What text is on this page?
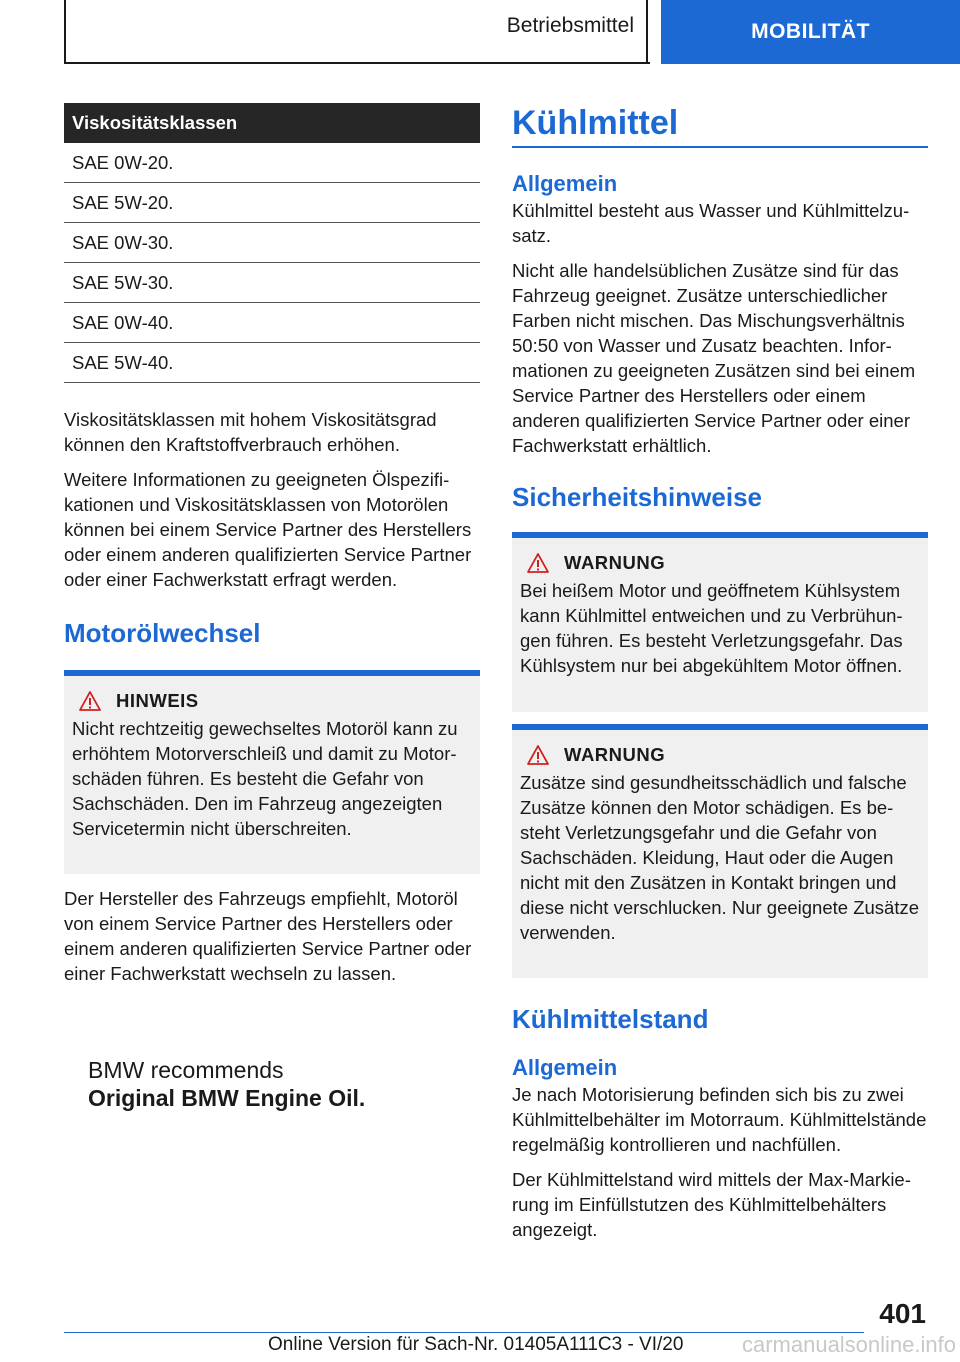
Betriebsmittel	MOBILITÄT
Viskositätsklassen
SAE 0W-20.
SAE 5W-20.
SAE 0W-30.
SAE 5W-30.
SAE 0W-40.
SAE 5W-40.

Viskositätsklassen mit hohem Viskositätsgrad können den Kraftstoffverbrauch erhöhen.

Weitere Informationen zu geeigneten Ölspezifikationen und Viskositätsklassen von Motorölen können bei einem Service Partner des Herstellers oder einem anderen qualifizierten Service Partner oder einer Fachwerkstatt erfragt werden.

Motorölwechsel
HINWEIS

Nicht rechtzeitig gewechseltes Motoröl kann zu erhöhtem Motorverschleiß und damit zu Motorschäden führen. Es besteht die Gefahr von Sachschäden. Den im Fahrzeug angezeigten Servicetermin nicht überschreiten.

Der Hersteller des Fahrzeugs empfiehlt, Motoröl von einem Service Partner des Herstellers oder einem anderen qualifizierten Service Partner oder einer Fachwerkstatt wechseln zu lassen.

BMW recommends
Original BMW Engine Oil.
Kühlmittel
Allgemein

Kühlmittel besteht aus Wasser und Kühlmittelzusatz.

Nicht alle handelsüblichen Zusätze sind für das Fahrzeug geeignet. Zusätze unterschiedlicher Farben nicht mischen. Das Mischungsverhältnis 50:50 von Wasser und Zusatz beachten. Informationen zu geeigneten Zusätzen sind bei einem Service Partner des Herstellers oder einem anderen qualifizierten Service Partner oder einer Fachwerkstatt erhältlich.

Sicherheitshinweise
WARNUNG

Bei heißem Motor und geöffnetem Kühlsystem kann Kühlmittel entweichen und zu Verbrühungen führen. Es besteht Verletzungsgefahr. Das Kühlsystem nur bei abgekühltem Motor öffnen.

WARNUNG

Zusätze sind gesundheitsschädlich und falsche Zusätze können den Motor schädigen. Es besteht Verletzungsgefahr und die Gefahr von Sachschäden. Kleidung, Haut oder die Augen nicht mit den Zusätzen in Kontakt bringen und diese nicht verschlucken. Nur geeignete Zusätze verwenden.

Kühlmittelstand
Allgemein

Je nach Motorisierung befinden sich bis zu zwei Kühlmittelbehälter im Motorraum. Kühlmittelstände regelmäßig kontrollieren und nachfüllen.

Der Kühlmittelstand wird mittels der Max-Markierung im Einfüllstutzen des Kühlmittelbehälters angezeigt.

401
Online Version für Sach-Nr. 01405A111C3 - VI/20	carmanualsonline.info
